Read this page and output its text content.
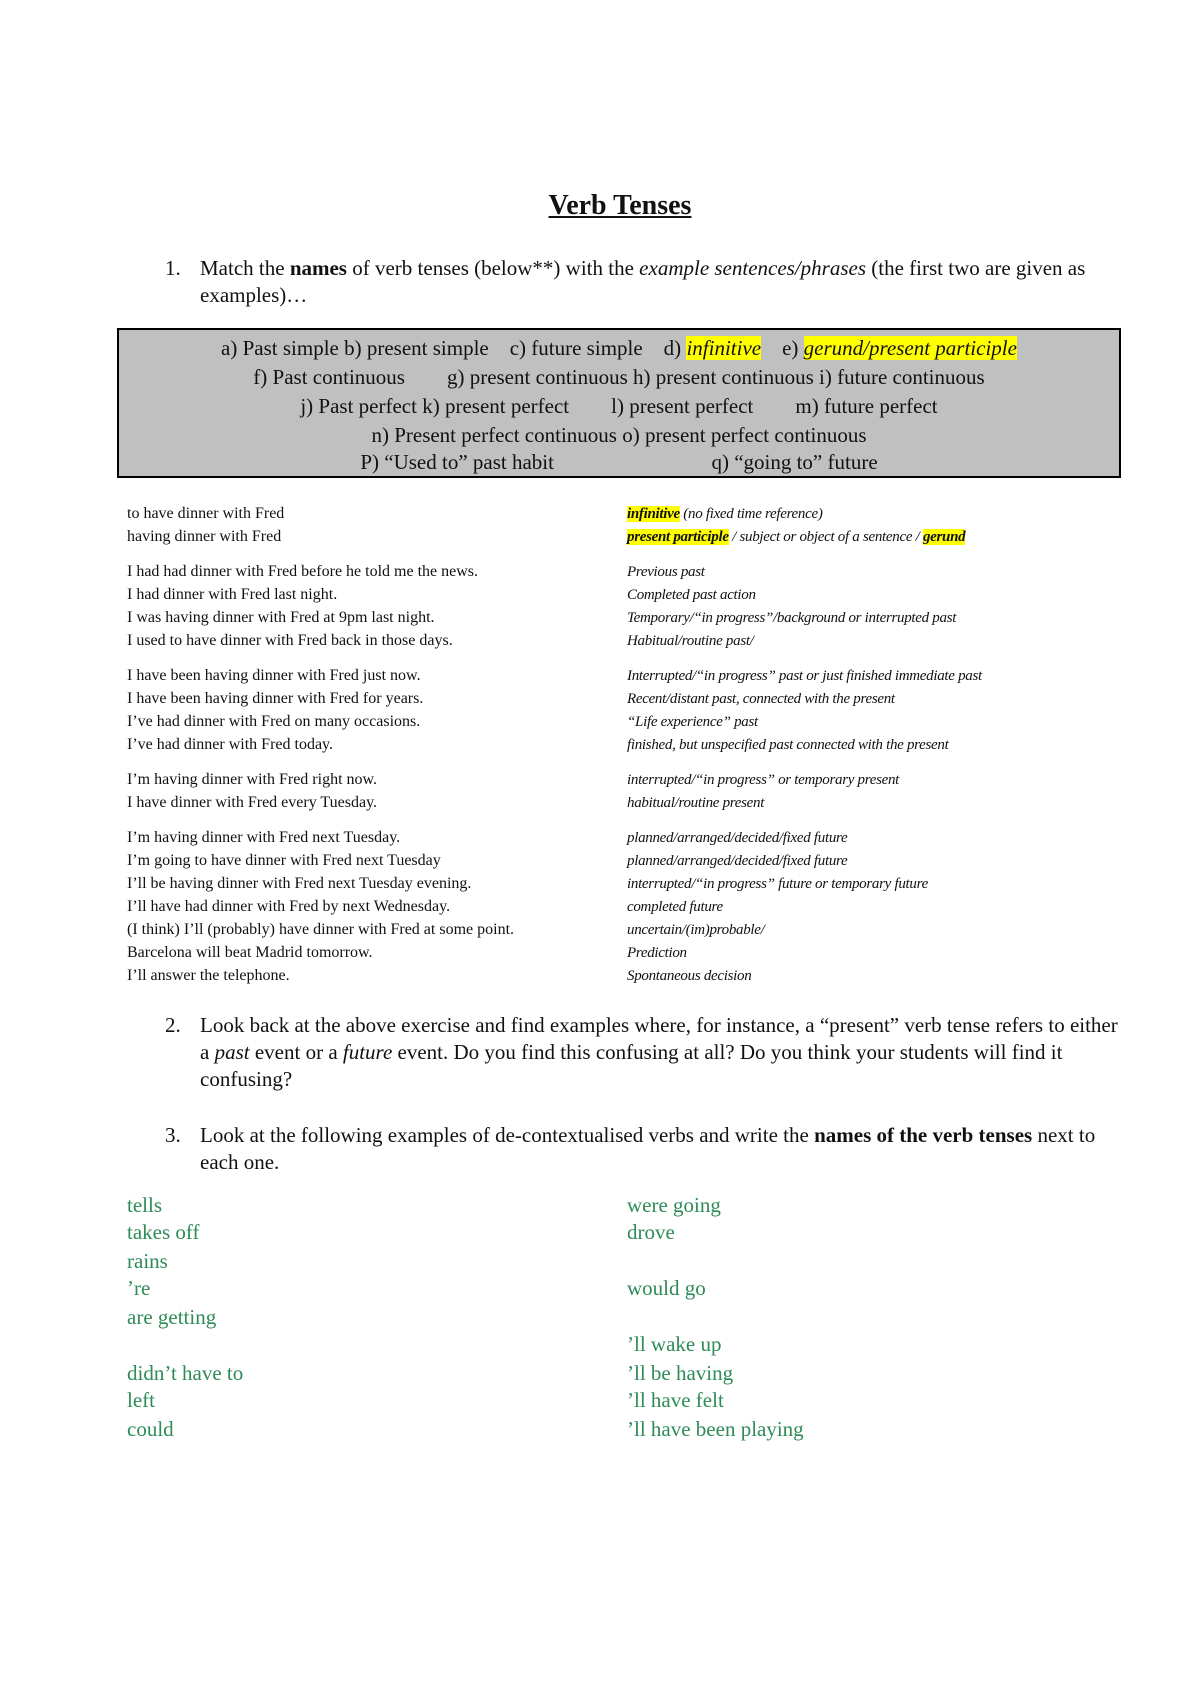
Verb Tenses
1. Match the names of verb tenses (below**) with the example sentences/phrases (the first two are given as examples)…
a) Past simple b) present simple    c) future simple    d) infinitive    e) gerund/present participle
f) Past continuous        g) present continuous h) present continuous i) future continuous
j) Past perfect k) present perfect        l) present perfect        m) future perfect
n) Present perfect continuous o) present perfect continuous
P) “Used to” past habit                              q) “going to” future
to have dinner with Fred
having dinner with Fred
I had had dinner with Fred before he told me the news.
I had dinner with Fred last night.
I was having dinner with Fred at 9pm last night.
I used to have dinner with Fred back in those days.
I have been having dinner with Fred just now.
I have been having dinner with Fred for years.
I’ve had dinner with Fred on many occasions.
I’ve had dinner with Fred today.
I’m having dinner with Fred right now.
I have dinner with Fred every Tuesday.
I’m having dinner with Fred next Tuesday.
I’m going to have dinner with Fred next Tuesday
I’ll be having dinner with Fred next Tuesday evening.
I’ll have had dinner with Fred by next Wednesday.
(I think) I’ll (probably) have dinner with Fred at some point.
Barcelona will beat Madrid tomorrow.
I’ll answer the telephone.
infinitive (no fixed time reference)
present participle / subject or object of a sentence / gerund
Previous past
Completed past action
Temporary/“in progress”/background or interrupted past
Habitual/routine past/
Interrupted/“in progress” past or just finished immediate past
Recent/distant past, connected with the present
“Life experience” past
finished, but unspecified past connected with the present
interrupted/“in progress” or temporary present
habitual/routine present
planned/arranged/decided/fixed future
planned/arranged/decided/fixed future
interrupted/“in progress” future or temporary future
completed future
uncertain/(im)probable/
Prediction
Spontaneous decision
2. Look back at the above exercise and find examples where, for instance, a “present” verb tense refers to either a past event or a future event. Do you find this confusing at all? Do you think your students will find it confusing?
3. Look at the following examples of de-contextualised verbs and write the names of the verb tenses next to each one.
tells
takes off
rains
’re
are getting
didn’t have to
left
could
were going
drove
would go
’ll wake up
’ll be having
’ll have felt
’ll have been playing
